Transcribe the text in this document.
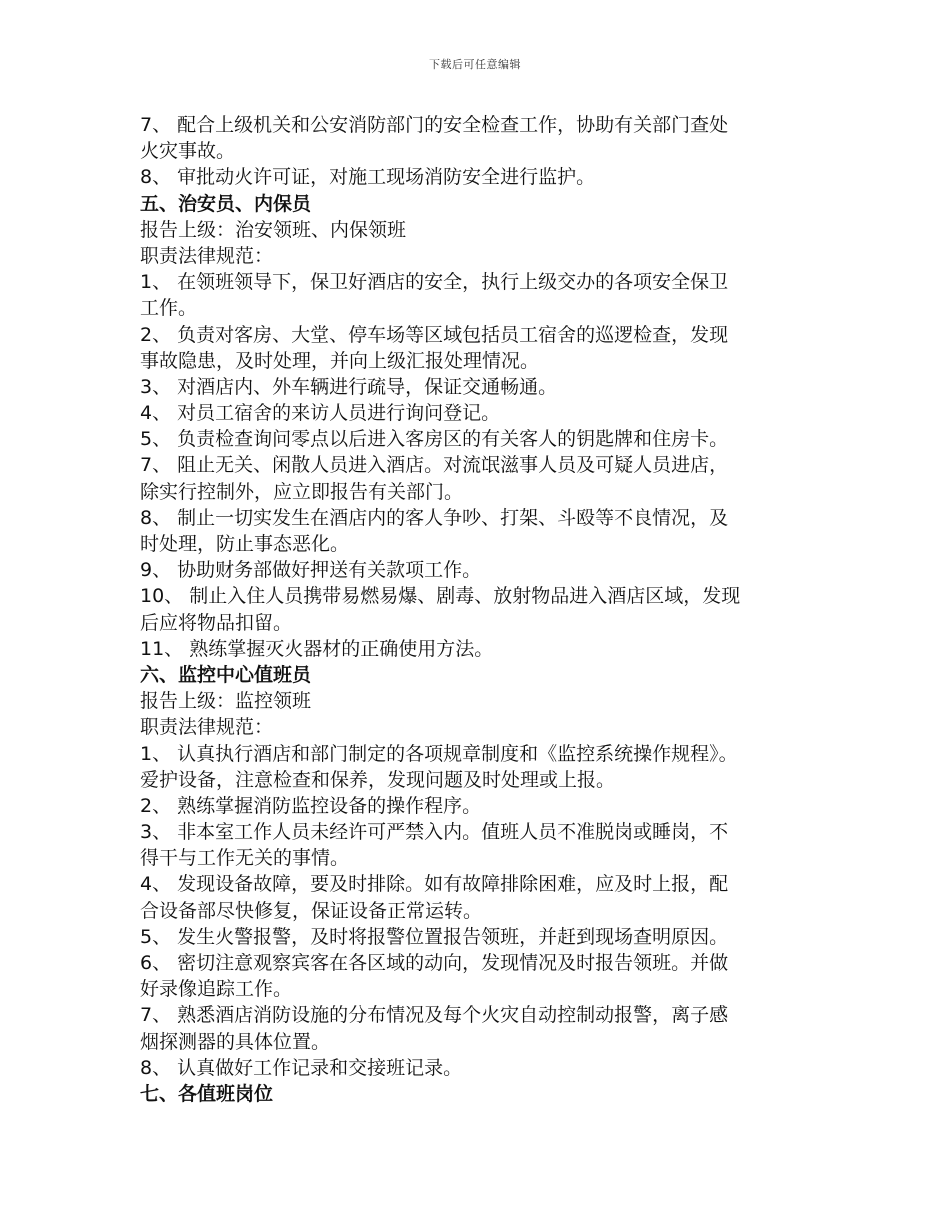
下载后可任意编辑
7、 配合上级机关和公安消防部门的安全检查工作，协助有关部门查处
火灾事故。
8、 审批动火许可证，对施工现场消防安全进行监护。
五、治安员、内保员
报告上级：治安领班、内保领班
职责法律规范：
1、 在领班领导下，保卫好酒店的安全，执行上级交办的各项安全保卫
工作。
2、 负责对客房、大堂、停车场等区域包括员工宿舍的巡逻检查，发现
事故隐患，及时处理，并向上级汇报处理情况。
3、 对酒店内、外车辆进行疏导，保证交通畅通。
4、 对员工宿舍的来访人员进行询问登记。
5、 负责检查询问零点以后进入客房区的有关客人的钥匙牌和住房卡。
7、 阻止无关、闲散人员进入酒店。对流氓滋事人员及可疑人员进店，
除实行控制外，应立即报告有关部门。
8、 制止一切实发生在酒店内的客人争吵、打架、斗殴等不良情况，及
时处理，防止事态恶化。
9、 协助财务部做好押送有关款项工作。
10、 制止入住人员携带易燃易爆、剧毒、放射物品进入酒店区域，发现
后应将物品扣留。
11、 熟练掌握灭火器材的正确使用方法。
六、监控中心值班员
报告上级：监控领班
职责法律规范：
1、 认真执行酒店和部门制定的各项规章制度和《监控系统操作规程》。
爱护设备，注意检查和保养，发现问题及时处理或上报。
2、 熟练掌握消防监控设备的操作程序。
3、 非本室工作人员未经许可严禁入内。值班人员不准脱岗或睡岗，不
得干与工作无关的事情。
4、 发现设备故障，要及时排除。如有故障排除困难，应及时上报，配
合设备部尽快修复，保证设备正常运转。
5、 发生火警报警，及时将报警位置报告领班，并赶到现场查明原因。
6、 密切注意观察宾客在各区域的动向，发现情况及时报告领班。并做
好录像追踪工作。
7、 熟悉酒店消防设施的分布情况及每个火灾自动控制动报警，离子感
烟探测器的具体位置。
8、 认真做好工作记录和交接班记录。
七、各值班岗位
